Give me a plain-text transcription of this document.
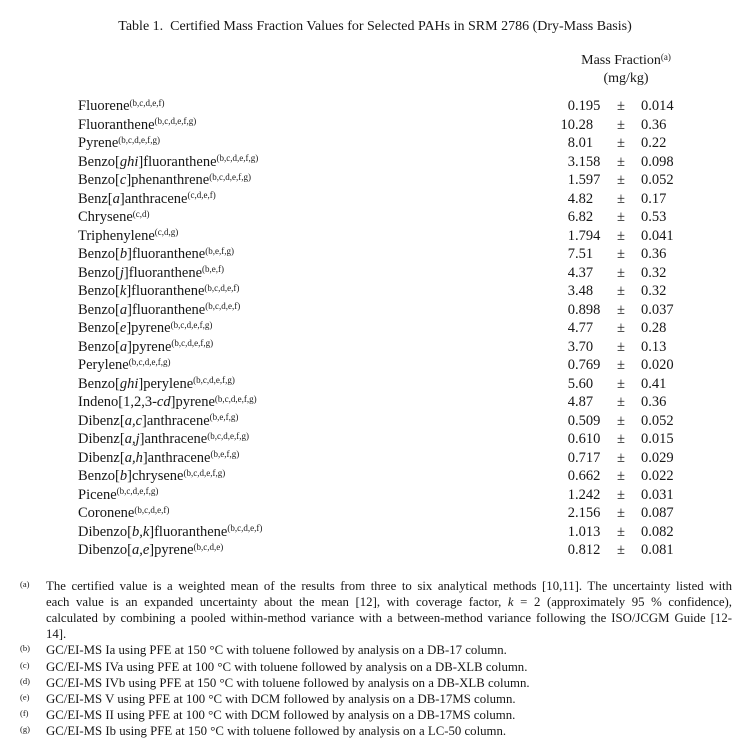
Table 1.  Certified Mass Fraction Values for Selected PAHs in SRM 2786 (Dry-Mass Basis)
Mass Fraction$^{(a)}$
(mg/kg)
Fluorene$^{(b,c,d,e,f)}$	0 .195	±	0.014
Fluoranthene$^{(b,c,d,e,f,g)}$	10 .28	±	0.36
Pyrene$^{(b,c,d,e,f,g)}$	8 .01	±	0.22
Benzo[ghi]fluoranthene$^{(b,c,d,e,f,g)}$	3 .158	±	0.098
Benzo[c]phenanthrene$^{(b,c,d,e,f,g)}$	1 .597	±	0.052
Benz[a]anthracene$^{(c,d,e,f)}$	4 .82	±	0.17
Chrysene$^{(c,d)}$	6 .82	±	0.53
Triphenylene$^{(c,d,g)}$	1 .794	±	0.041
Benzo[b]fluoranthene$^{(b,e,f,g)}$	7 .51	±	0.36
Benzo[j]fluoranthene$^{(b,e,f)}$	4 .37	±	0.32
Benzo[k]fluoranthene$^{(b,c,d,e,f)}$	3 .48	±	0.32
Benzo[a]fluoranthene$^{(b,c,d,e,f)}$	0 .898	±	0.037
Benzo[e]pyrene$^{(b,c,d,e,f,g)}$	4 .77	±	0.28
Benzo[a]pyrene$^{(b,c,d,e,f,g)}$	3 .70	±	0.13
Perylene$^{(b,c,d,e,f,g)}$	0 .769	±	0.020
Benzo[ghi]perylene$^{(b,c,d,e,f,g)}$	5 .60	±	0.41
Indeno[1,2,3-cd]pyrene$^{(b,c,d,e,f,g)}$	4 .87	±	0.36
Dibenz[a,c]anthracene$^{(b,e,f,g)}$	0 .509	±	0.052
Dibenz[a,j]anthracene$^{(b,c,d,e,f,g)}$	0 .610	±	0.015
Dibenz[a,h]anthracene$^{(b,e,f,g)}$	0 .717	±	0.029
Benzo[b]chrysene$^{(b,c,d,e,f,g)}$	0 .662	±	0.022
Picene$^{(b,c,d,e,f,g)}$	1 .242	±	0.031
Coronene$^{(b,c,d,e,f)}$	2 .156	±	0.087
Dibenzo[b,k]fluoranthene$^{(b,c,d,e,f)}$	1 .013	±	0.082
Dibenzo[a,e]pyrene$^{(b,c,d,e)}$	0 .812	±	0.081
(a)	The certified value is a weighted mean of the results from three to six analytical methods [10,11]. The uncertainty listed with each value is an expanded uncertainty about the mean [12], with coverage factor, k = 2 (approximately 95 % confidence), calculated by combining a pooled within-method variance with a between-method variance following the ISO/JCGM Guide [12-14].
(b)	GC/EI-MS Ia using PFE at 150 °C with toluene followed by analysis on a DB-17 column.
(c)	GC/EI-MS IVa using PFE at 100 °C with toluene followed by analysis on a DB-XLB column.
(d)	GC/EI-MS IVb using PFE at 150 °C with toluene followed by analysis on a DB-XLB column.
(e)	GC/EI-MS V using PFE at 100 °C with DCM followed by analysis on a DB-17MS column.
(f)	GC/EI-MS II using PFE at 100 °C with DCM followed by analysis on a DB-17MS column.
(g)	GC/EI-MS Ib using PFE at 150 °C with toluene followed by analysis on a LC-50 column.
